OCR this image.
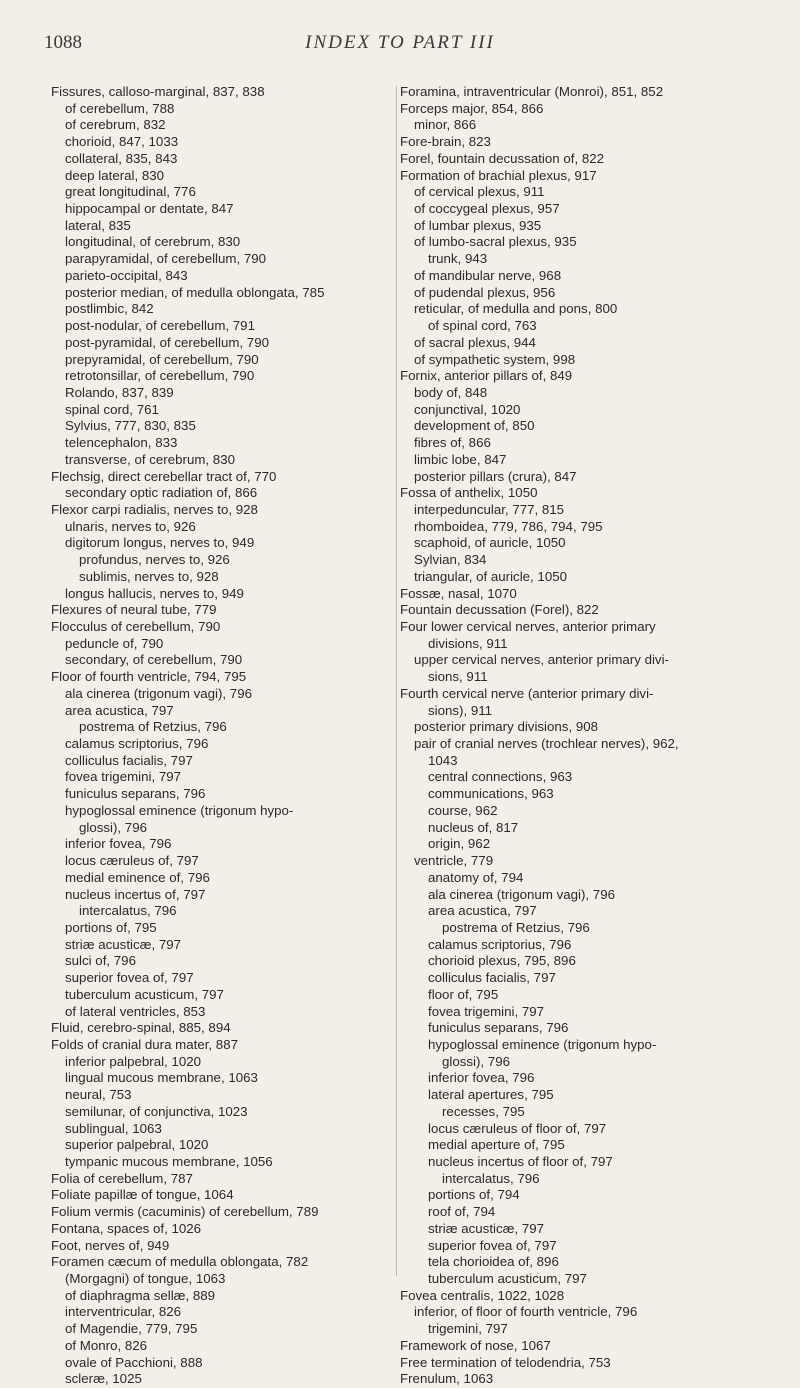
1088	INDEX TO PART III
Fissures, calloso-marginal, 837, 838
of cerebellum, 788
of cerebrum, 832
chorioid, 847, 1033
collateral, 835, 843
deep lateral, 830
great longitudinal, 776
hippocampal or dentate, 847
lateral, 835
longitudinal, of cerebrum, 830
parapyramidal, of cerebellum, 790
parieto-occipital, 843
posterior median, of medulla oblongata, 785
postlimbic, 842
post-nodular, of cerebellum, 791
post-pyramidal, of cerebellum, 790
prepyramidal, of cerebellum, 790
retrotonsillar, of cerebellum, 790
Rolando, 837, 839
spinal cord, 761
Sylvius, 777, 830, 835
telencephalon, 833
transverse, of cerebrum, 830
Flechsig, direct cerebellar tract of, 770
secondary optic radiation of, 866
Flexor carpi radialis, nerves to, 928
ulnaris, nerves to, 926
digitorum longus, nerves to, 949
profundus, nerves to, 926
sublimis, nerves to, 928
longus hallucis, nerves to, 949
Flexures of neural tube, 779
Flocculus of cerebellum, 790
peduncle of, 790
secondary, of cerebellum, 790
Floor of fourth ventricle, 794, 795
ala cinerea (trigonum vagi), 796
area acustica, 797
postrema of Retzius, 796
calamus scriptorius, 796
colliculus facialis, 797
fovea trigemini, 797
funiculus separans, 796
hypoglossal eminence (trigonum hypo-
glossi), 796
inferior fovea, 796
locus cæruleus of, 797
medial eminence of, 796
nucleus incertus of, 797
intercalatus, 796
portions of, 795
striæ acusticæ, 797
sulci of, 796
superior fovea of, 797
tuberculum acusticum, 797
of lateral ventricles, 853
Fluid, cerebro-spinal, 885, 894
Folds of cranial dura mater, 887
inferior palpebral, 1020
lingual mucous membrane, 1063
neural, 753
semilunar, of conjunctiva, 1023
sublingual, 1063
superior palpebral, 1020
tympanic mucous membrane, 1056
Folia of cerebellum, 787
Foliate papillæ of tongue, 1064
Folium vermis (cacuminis) of cerebellum, 789
Fontana, spaces of, 1026
Foot, nerves of, 949
Foramen cæcum of medulla oblongata, 782
(Morgagni) of tongue, 1063
of diaphragma sellæ, 889
interventricular, 826
of Magendie, 779, 795
of Monro, 826
ovale of Pacchioni, 888
scleræ, 1025
Foramina, intraventricular (Monroi), 851, 852
Forceps major, 854, 866
minor, 866
Fore-brain, 823
Forel, fountain decussation of, 822
Formation of brachial plexus, 917
of cervical plexus, 911
of coccygeal plexus, 957
of lumbar plexus, 935
of lumbo-sacral plexus, 935
trunk, 943
of mandibular nerve, 968
of pudendal plexus, 956
reticular, of medulla and pons, 800
of spinal cord, 763
of sacral plexus, 944
of sympathetic system, 998
Fornix, anterior pillars of, 849
body of, 848
conjunctival, 1020
development of, 850
fibres of, 866
limbic lobe, 847
posterior pillars (crura), 847
Fossa of anthelix, 1050
interpeduncular, 777, 815
rhomboidea, 779, 786, 794, 795
scaphoid, of auricle, 1050
Sylvian, 834
triangular, of auricle, 1050
Fossæ, nasal, 1070
Fountain decussation (Forel), 822
Four lower cervical nerves, anterior primary
divisions, 911
upper cervical nerves, anterior primary divi-
sions, 911
Fourth cervical nerve (anterior primary divi-
sions), 911
posterior primary divisions, 908
pair of cranial nerves (trochlear nerves), 962,
1043
central connections, 963
communications, 963
course, 962
nucleus of, 817
origin, 962
ventricle, 779
anatomy of, 794
ala cinerea (trigonum vagi), 796
area acustica, 797
postrema of Retzius, 796
calamus scriptorius, 796
chorioid plexus, 795, 896
colliculus facialis, 797
floor of, 795
fovea trigemini, 797
funiculus separans, 796
hypoglossal eminence (trigonum hypo-
glossi), 796
inferior fovea, 796
lateral apertures, 795
recesses, 795
locus cæruleus of floor of, 797
medial aperture of, 795
nucleus incertus of floor of, 797
intercalatus, 796
portions of, 794
roof of, 794
striæ acusticæ, 797
superior fovea of, 797
tela chorioidea of, 896
tuberculum acusticum, 797
Fovea centralis, 1022, 1028
inferior, of floor of fourth ventricle, 796
trigemini, 797
Framework of nose, 1067
Free termination of telodendria, 753
Frenulum, 1063
